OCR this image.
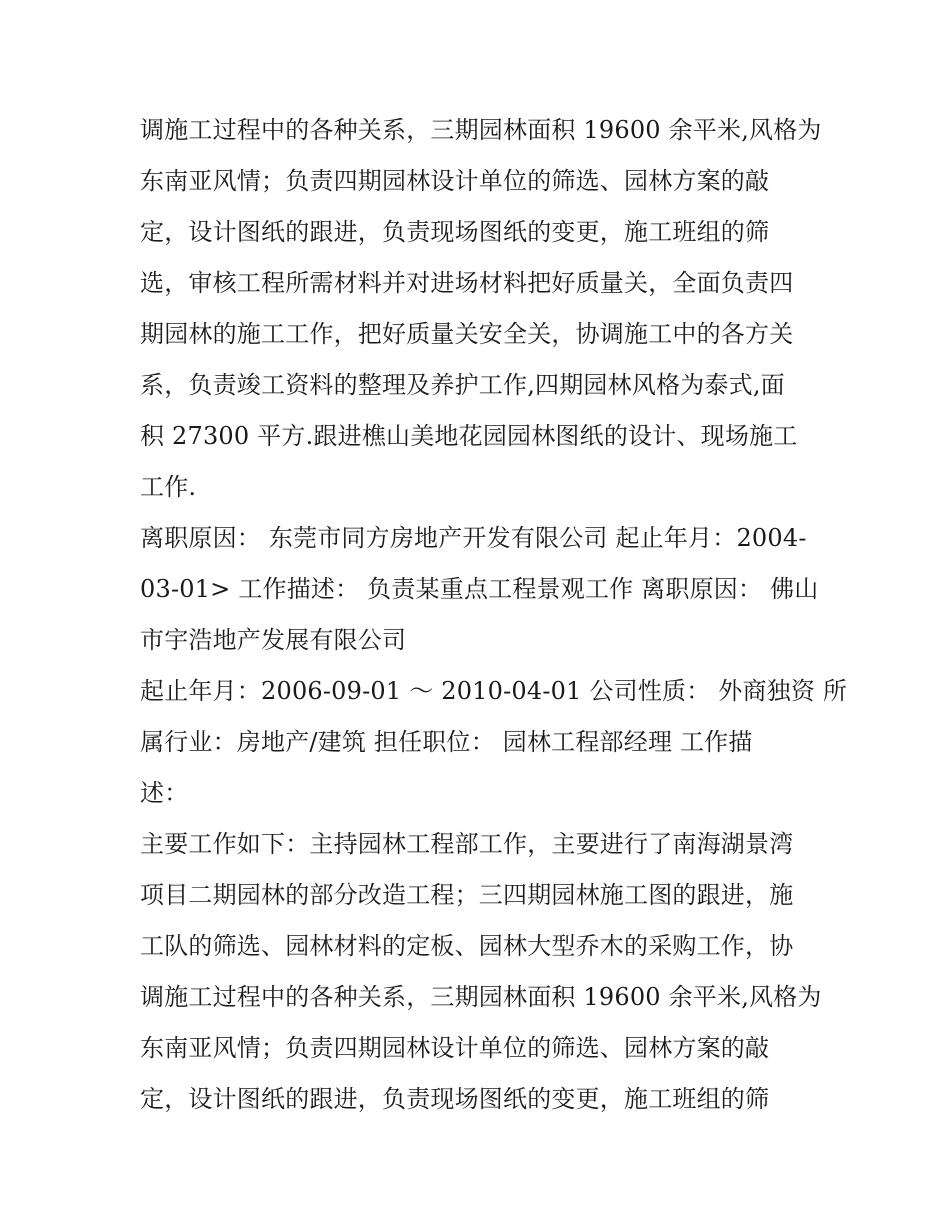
调施工过程中的各种关系，三期园林面积 19600 余平米,风格为
东南亚风情；负责四期园林设计单位的筛选、园林方案的敲
定，设计图纸的跟进，负责现场图纸的变更，施工班组的筛
选，审核工程所需材料并对进场材料把好质量关，全面负责四
期园林的施工工作，把好质量关安全关，协调施工中的各方关
系，负责竣工资料的整理及养护工作,四期园林风格为泰式,面
积 27300 平方.跟进樵山美地花园园林图纸的设计、现场施工
工作.
离职原因： 东莞市同方房地产开发有限公司 起止年月：2004-
03-01> 工作描述： 负责某重点工程景观工作 离职原因： 佛山
市宇浩地产发展有限公司
起止年月：2006-09-01 ～ 2010-04-01 公司性质： 外商独资 所
属行业：房地产/建筑 担任职位： 园林工程部经理 工作描
述：
主要工作如下：主持园林工程部工作，主要进行了南海湖景湾
项目二期园林的部分改造工程；三四期园林施工图的跟进，施
工队的筛选、园林材料的定板、园林大型乔木的采购工作，协
调施工过程中的各种关系，三期园林面积 19600 余平米,风格为
东南亚风情；负责四期园林设计单位的筛选、园林方案的敲
定，设计图纸的跟进，负责现场图纸的变更，施工班组的筛
